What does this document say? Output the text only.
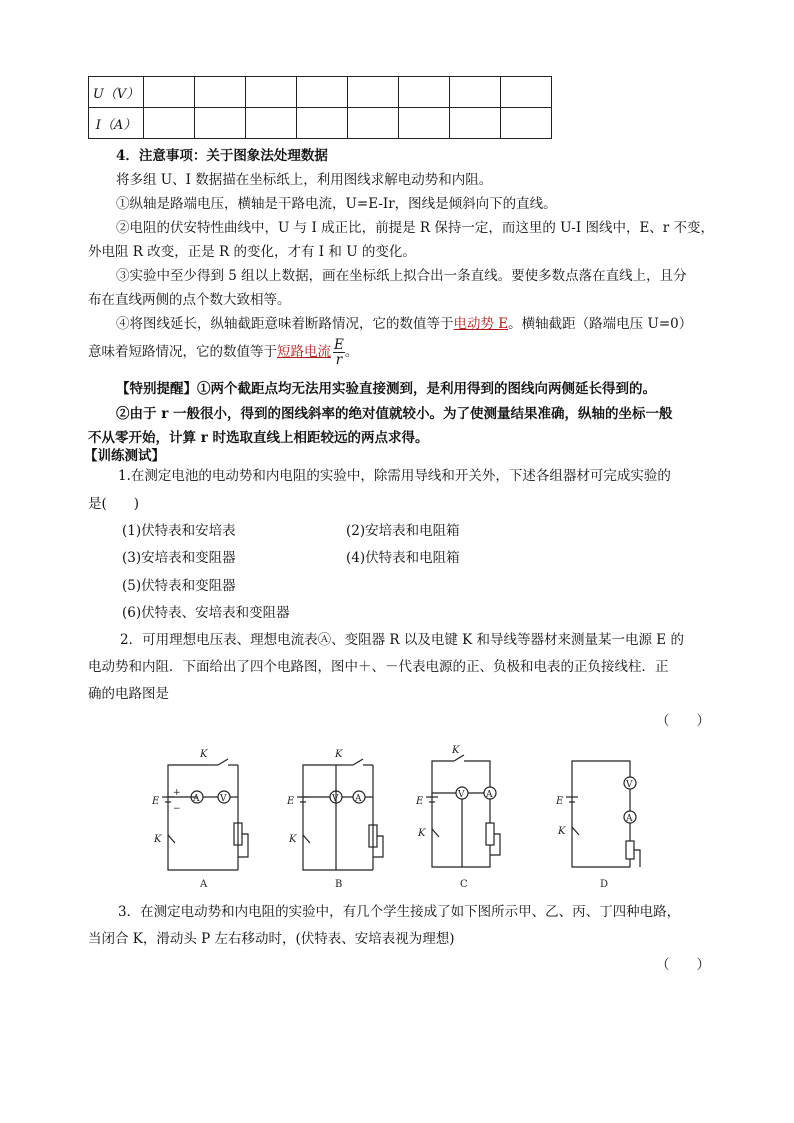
U（V）								
I（A）								
4．注意事项：关于图象法处理数据
将多组 U、I 数据描在坐标纸上，利用图线求解电动势和内阻。
①纵轴是路端电压，横轴是干路电流，U=E-Ir，图线是倾斜向下的直线。
②电阻的伏安特性曲线中，U 与 I 成正比，前提是 R 保持一定，而这里的 U-I 图线中，E、r 不变，
外电阻 R 改变，正是 R 的变化，才有 I 和 U 的变化。
③实验中至少得到 5 组以上数据，画在坐标纸上拟合出一条直线。要使多数点落在直线上，且分
布在直线两侧的点个数大致相等。
④将图线延长，纵轴截距意味着断路情况，它的数值等于电动势 E。横轴截距（路端电压 U=0）
意味着短路情况，它的数值等于短路电流 $\frac{E}{r}$ 。
【特别提醒】①两个截距点均无法用实验直接测到，是利用得到的图线向两侧延长得到的。
②由于 r 一般很小，得到的图线斜率的绝对值就较小。为了使测量结果准确，纵轴的坐标一般
不从零开始，计算 r 时选取直线上相距较远的两点求得。
【训练测试】
1.在测定电池的电动势和内电阻的实验中，除需用导线和开关外，下述各组器材可完成实验的
是(　　)
(1)伏特表和安培表	(2)安培表和电阻箱
(3)安培表和变阻器	(4)伏特表和电阻箱
(5)伏特表和变阻器
(6)伏特表、安培表和变阻器
2．可用理想电压表、理想电流表Ⓐ、变阻器 R 以及电键 K 和导线等器材来测量某一电源 E 的
电动势和内阻．下面给出了四个电路图，图中＋、－代表电源的正、负极和电表的正负接线柱．正
确的电路图是
（　　）
K
E
+
−
K
A V
A
K
E
K
V A
B
K
E
K
V A
C
E
K
V
A
D
3．在测定电动势和内电阻的实验中，有几个学生接成了如下图所示甲、乙、丙、丁四种电路，
当闭合 K，滑动头 P 左右移动时，(伏特表、安培表视为理想)
（　　）
